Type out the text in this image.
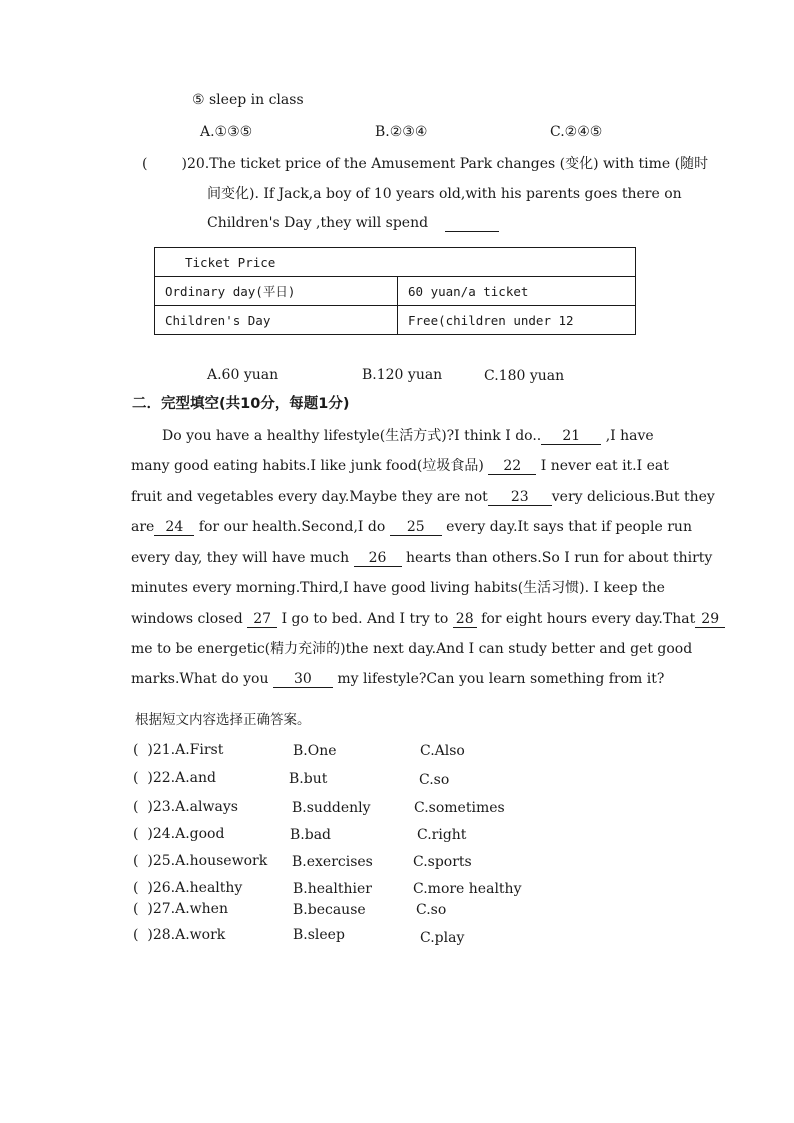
⑤ sleep in class
A.①③⑤	B.②③④	C.②④⑤
( )20.The ticket price of the Amusement Park changes (变化) with time (随时
间变化). If Jack,a boy of 10 years old,with his parents goes there on
Children's Day ,they will spend
Ticket Price	
Ordinary day(平日)	60 yuan/a ticket
Children's Day	Free(children under 12
A.60 yuan	B.120 yuan	C.180 yuan
二．完型填空(共10分，每题1分)
Do you have a healthy lifestyle(生活方式)?I think I do.. 21 ,I have
many good eating habits.I like junk food(垃圾食品) 22 I never eat it.I eat
fruit and vegetables every day.Maybe they are not 23 very delicious.But they
are 24 for our health.Second,I do 25 every day.It says that if people run
every day, they will have much 26 hearts than others.So I run for about thirty
minutes every morning.Third,I have good living habits(生活习惯). I keep the
windows closed 27 I go to bed. And I try to 28 for eight hours every day.That 29
me to be energetic(精力充沛的)the next day.And I can study better and get good
marks.What do you 30 my lifestyle?Can you learn something from it?
根据短文内容选择正确答案。
( )21.A.First	B.One	C.Also
( )22.A.and	B.but	C.so
( )23.A.always	B.suddenly	C.sometimes
( )24.A.good	B.bad	C.right
( )25.A.housework B.exercises	C.sports
( )26.A.healthy	B.healthier	C.more healthy
( )27.A.when	B.because	C.so
( )28.A.work	B.sleep	C.play
